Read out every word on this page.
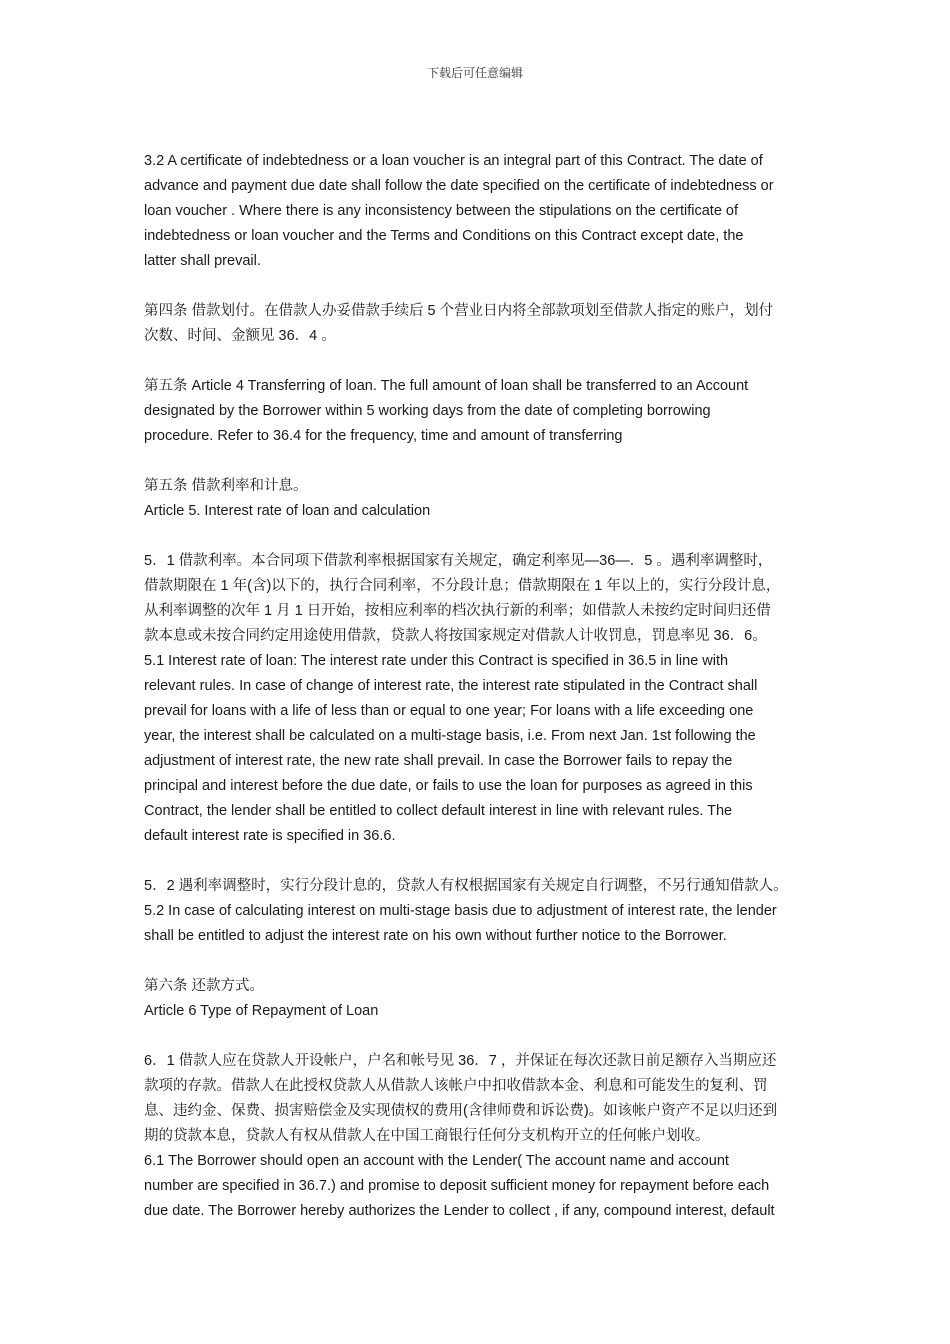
下载后可任意编辑

3.2 A certificate of indebtedness or a loan voucher is an integral part of this Contract. The date of
advance and payment due date shall follow the date specified on the certificate of indebtedness or
loan voucher . Where there is any inconsistency between the stipulations on the certificate of
indebtedness or loan voucher and the Terms and Conditions on this Contract except date, the
latter shall prevail.

第四条 借款划付。在借款人办妥借款手续后 5 个营业日内将全部款项划至借款人指定的账户，划付
次数、时间、金额见 36．4 。

第五条 Article 4 Transferring of loan. The full amount of loan shall be transferred to an Account
designated by the Borrower within 5 working days from the date of completing borrowing
procedure. Refer to 36.4 for the frequency, time and amount of transferring

第五条 借款利率和计息。
Article 5. Interest rate of loan and calculation

5．1 借款利率。本合同项下借款利率根据国家有关规定，确定利率见—36—．5 。遇利率调整时，
借款期限在 1 年(含)以下的，执行合同利率，不分段计息；借款期限在 1 年以上的，实行分段计息，
从利率调整的次年 1 月 1 日开始，按相应利率的档次执行新的利率；如借款人未按约定时间归还借
款本息或未按合同约定用途使用借款，贷款人将按国家规定对借款人计收罚息，罚息率见 36．6。
5.1 Interest rate of loan: The interest rate under this Contract is specified in 36.5 in line with
relevant rules. In case of change of interest rate, the interest rate stipulated in the Contract shall
prevail for loans with a life of less than or equal to one year; For loans with a life exceeding one
year, the interest shall be calculated on a multi-stage basis, i.e. From next Jan. 1st following the
adjustment of interest rate, the new rate shall prevail. In case the Borrower fails to repay the
principal and interest before the due date, or fails to use the loan for purposes as agreed in this
Contract, the lender shall be entitled to collect default interest in line with relevant rules. The
default interest rate is specified in 36.6.

5．2 遇利率调整时，实行分段计息的，贷款人有权根据国家有关规定自行调整，不另行通知借款人。
5.2 In case of calculating interest on multi-stage basis due to adjustment of interest rate, the lender
shall be entitled to adjust the interest rate on his own without further notice to the Borrower.

第六条 还款方式。
Article 6 Type of Repayment of Loan

6．1 借款人应在贷款人开设帐户，户名和帐号见 36．7 ，并保证在每次还款日前足额存入当期应还
款项的存款。借款人在此授权贷款人从借款人该帐户中扣收借款本金、利息和可能发生的复利、罚
息、违约金、保费、损害赔偿金及实现债权的费用(含律师费和诉讼费)。如该帐户资产不足以归还到
期的贷款本息，贷款人有权从借款人在中国工商银行任何分支机构开立的任何帐户划收。
6.1 The Borrower should open an account with the Lender( The account name and account
number are specified in 36.7.) and promise to deposit sufficient money for repayment before each
due date. The Borrower hereby authorizes the Lender to collect , if any, compound interest, default
